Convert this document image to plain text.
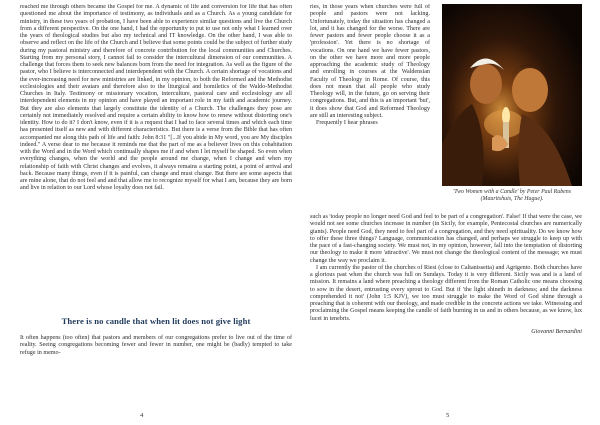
reached me through others became the Gospel for me. A dynamic of life and conversion for life that has often questioned me about the importance of testimony, as individuals and as a Church. As a young candidate for ministry, in these two years of probation, I have been able to experience similar questions and live the Church from a different perspective. On the one hand, I had the opportunity to put to use not only what I learned over the years of theological studies but also my technical and IT knowledge. On the other hand, I was able to observe and reflect on the life of the Church and I believe that some points could be the subject of further study during my pastoral ministry and therefore of concrete contribution for the local communities and Churches. Starting from my personal story, I cannot fail to consider the intercultural dimension of our communities. A challenge that forces them to seek new balances born from the need for integration. As well as the figure of the pastor, who I believe is interconnected and interdependent with the Church. A certain shortage of vocations and the ever-increasing need for new ministries are linked, in my opinion, to both the Reformed and the Methodist ecclesiologies and their avatars and therefore also to the liturgical and homiletics of the Waldo-Methodist Churches in Italy. Testimony or missionary vocation, interculture, pastoral care and ecclesiology are all interdependent elements in my opinion and have played an important role in my faith and academic journey. But they are also elements that largely constitute the identity of a Church. The challenges they pose are certainly not immediately resolved and require a certain ability to know how to renew without distorting one's identity. How to do it? I don't know, even if it is a request that I had to face several times and which each time has presented itself as new and with different characteristics. But there is a verse from the Bible that has often accompanied me along this path of life and faith: John 8:31 "[...If you abide in My word, you are My disciples indeed." A verse dear to me because it reminds me that the part of me as a believer lives on this cohabitation with the Word and in the Word which continually shapes me if and when I let myself be shaped. So even when everything changes, when the world and the people around me change, when I change and when my relationship of faith with Christ changes and evolves, it always remains a starting point, a point of arrival and back. Because many things, even if it is painful, can change and must change. But there are some aspects that are mine alone, that do not feel and and that allow me to recognize myself for what I am, because they are born and live in relation to our Lord whose loyalty does not fail.

There is no candle that when lit does not give light

It often happens (too often) that pastors and members of our congregations prefer to live out of the time of reality. Seeing congregations becoming fewer and fewer in number, one might be (badly) tempted to take refuge in memo-

4

ries, in those years when churches were full of people and pastors were not lacking. Unfortunately, today the situation has changed a lot, and it has changed for the worse. There are fewer pastors and fewer people choose it as a 'profession'. Yet there is no shortage of vocations. On one hand we have fewer pastors, on the other we have more and more people approaching the academic study of Theology and enrolling in courses at the Waldensian Faculty of Theology in Rome. Of course, this does not mean that all people who study Theology will, in the future, go on serving their congregations. But, and this is an important 'but', it does show that God and Reformed Theology are still an interesting subject.

Frequently I hear phrases

'Two Women with a Candle' by Peter Paul Rubens (Mauritshuis, The Hague).

such as 'today people no longer need God and feel to be part of a congregation'. False! If that were the case, we would not see some churches increase in number (in Sicily, for example, Pentecostal churches are numerically giants). People need God, they need to feel part of a congregation, and they need spirituality. Do we know how to offer these three things? Language, communication has changed, and perhaps we struggle to keep up with the pace of a fast-changing society. We must not, in my opinion, however, fall into the temptation of distorting our theology to make it more 'attractive'. We must not change the theological content of the message; we must change the way we proclaim it.

I am currently the pastor of the churches of Riesi (close to Caltanissetta) and Agrigento. Both churches have a glorious past when the church was full on Sundays. Today it is very different. Sicily was and is a land of mission. It remains a land where preaching a theology different from the Roman Catholic one means choosing to sow in the desert, entrusting every sprout to God. But if 'the light shineth in darkness; and the darkness comprehended it not' (John 1:5 KJV), we too must struggle to make the Word of God shine through a preaching that is coherent with our theology, and made credible in the concrete actions we take. Witnessing and proclaiming the Gospel means keeping the candle of faith burning in us and in others because, as we know, lux lucet in tenebris.

Giovanni Bernardini
5
